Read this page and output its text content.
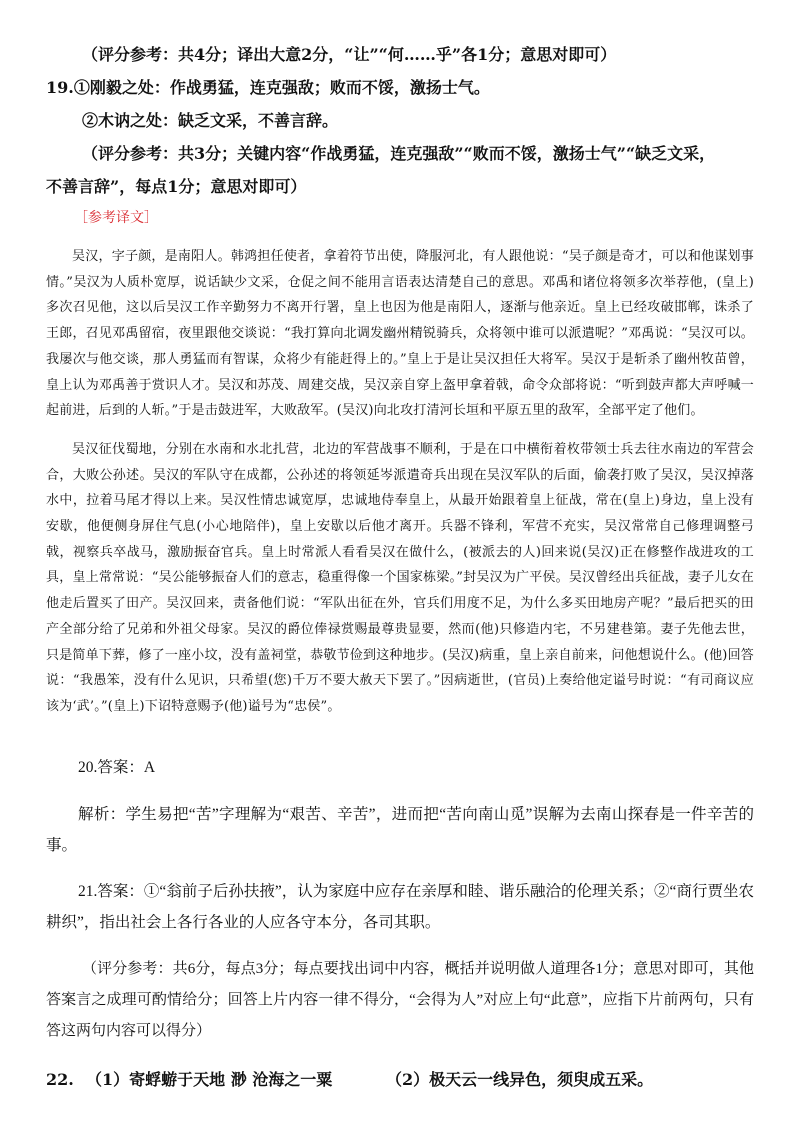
（评分参考：共4分；译出大意2分，“让”“何……乎”各1分；意思对即可）

19.①刚毅之处：作战勇猛，连克强敌；败而不馁，激扬士气。

②木讷之处：缺乏文采，不善言辞。

（评分参考：共3分；关键内容“作战勇猛，连克强敌”“败而不馁，激扬士气”“缺乏文采，

不善言辞”，每点1分；意思对即可）

［参考译文］

吴汉，字子颜，是南阳人。韩鸿担任使者，拿着符节出使，降服河北，有人跟他说：“吴子颜是奇才，可以和他谋划事情。”吴汉为人质朴宽厚，说话缺少文采，仓促之间不能用言语表达清楚自己的意思。邓禹和诸位将领多次举荐他，(皇上)多次召见他，这以后吴汉工作辛勤努力不离开行署，皇上也因为他是南阳人，逐渐与他亲近。皇上已经攻破邯郸，诛杀了王郎，召见邓禹留宿，夜里跟他交谈说：“我打算向北调发幽州精锐骑兵，众将领中谁可以派遣呢？”邓禹说：“吴汉可以。我屡次与他交谈，那人勇猛而有智谋，众将少有能赶得上的。”皇上于是让吴汉担任大将军。吴汉于是斩杀了幽州牧苗曾，皇上认为邓禹善于赏识人才。吴汉和苏茂、周建交战，吴汉亲自穿上盔甲拿着戟，命令众部将说：“听到鼓声都大声呼喊一起前进，后到的人斩。”于是击鼓进军，大败敌军。(吴汉)向北攻打清河长垣和平原五里的敌军，全部平定了他们。

吴汉征伐蜀地，分别在水南和水北扎营，北边的军营战事不顺利，于是在口中横衔着枚带领士兵去往水南边的军营会合，大败公孙述。吴汉的军队守在成都，公孙述的将领延岑派遣奇兵出现在吴汉军队的后面，偷袭打败了吴汉，吴汉掉落水中，拉着马尾才得以上来。吴汉性情忠诚宽厚，忠诚地侍奉皇上，从最开始跟着皇上征战，常在(皇上)身边，皇上没有安歇，他便侧身屏住气息(小心地陪伴)，皇上安歇以后他才离开。兵器不锋利，军营不充实，吴汉常常自己修理调整弓戟，视察兵卒战马，激励振奋官兵。皇上时常派人看看吴汉在做什么，(被派去的人)回来说(吴汉)正在修整作战进攻的工具，皇上常常说：“吴公能够振奋人们的意志，稳重得像一个国家栋梁。”封吴汉为广平侯。吴汉曾经出兵征战，妻子儿女在他走后置买了田产。吴汉回来，责备他们说：“军队出征在外，官兵们用度不足，为什么多买田地房产呢？”最后把买的田产全部分给了兄弟和外祖父母家。吴汉的爵位俸禄赏赐最尊贵显要，然而(他)只修造内宅，不另建巷第。妻子先他去世，只是简单下葬，修了一座小坟，没有盖祠堂，恭敬节俭到这种地步。(吴汉)病重，皇上亲自前来，问他想说什么。(他)回答说：“我愚笨，没有什么见识，只希望(您)千万不要大赦天下罢了。”因病逝世，(官员)上奏给他定谥号时说：“有司商议应该为‘武’。”(皇上)下诏特意赐予(他)谥号为“忠侯”。

20.答案：A

解析：学生易把“苦”字理解为“艰苦、辛苦”，进而把“苦向南山觅”误解为去南山探春是一件辛苦的事。

21.答案：①“翁前子后孙扶掖”，认为家庭中应存在亲厚和睦、谐乐融洽的伦理关系；②“商行贾坐农耕织”，指出社会上各行各业的人应各守本分，各司其职。

（评分参考：共6分，每点3分；每点要找出词中内容，概括并说明做人道理各1分；意思对即可，其他答案言之成理可酌情给分；回答上片内容一律不得分，“会得为人”对应上句“此意”，应指下片前两句，只有答这两句内容可以得分）

22. （1）寄蜉蝣于天地 渺 沧海之一粟	（2）极天云一线异色，须臾成五采。
